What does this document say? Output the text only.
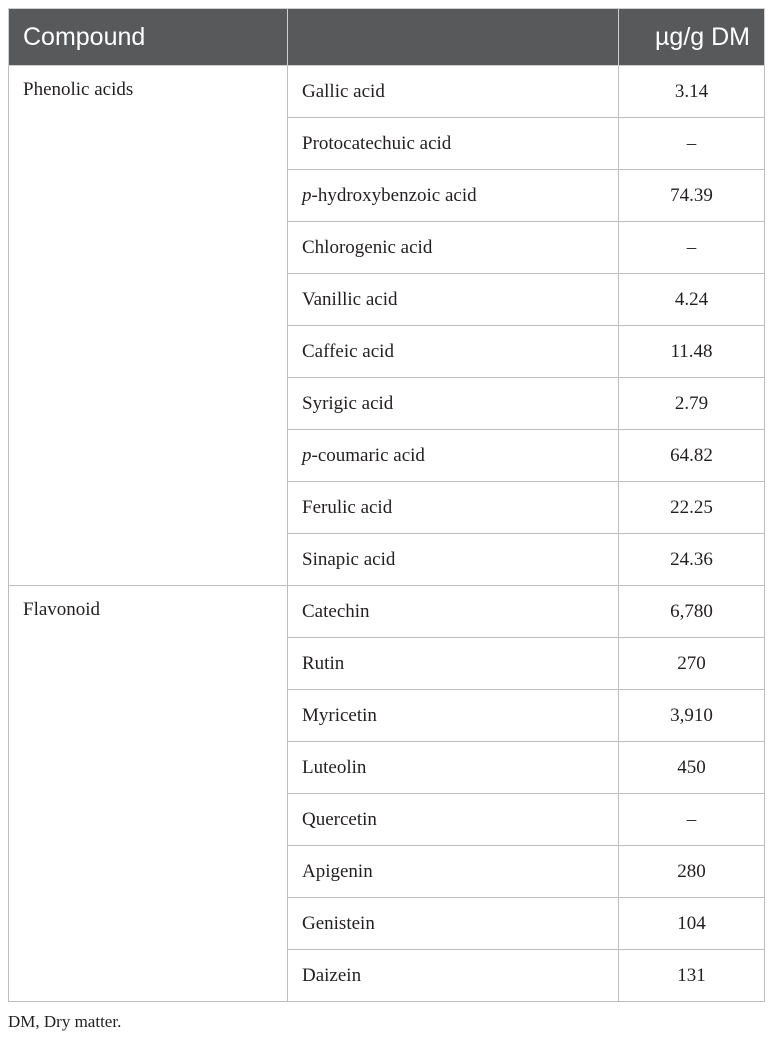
Compound		µg/g DM
Phenolic acids	Gallic acid	3.14
	Protocatechuic acid	–
	p-hydroxybenzoic acid	74.39
	Chlorogenic acid	–
	Vanillic acid	4.24
	Caffeic acid	11.48
	Syrigic acid	2.79
	p-coumaric acid	64.82
	Ferulic acid	22.25
	Sinapic acid	24.36
Flavonoid	Catechin	6,780
	Rutin	270
	Myricetin	3,910
	Luteolin	450
	Quercetin	–
	Apigenin	280
	Genistein	104
	Daizein	131
DM, Dry matter.
